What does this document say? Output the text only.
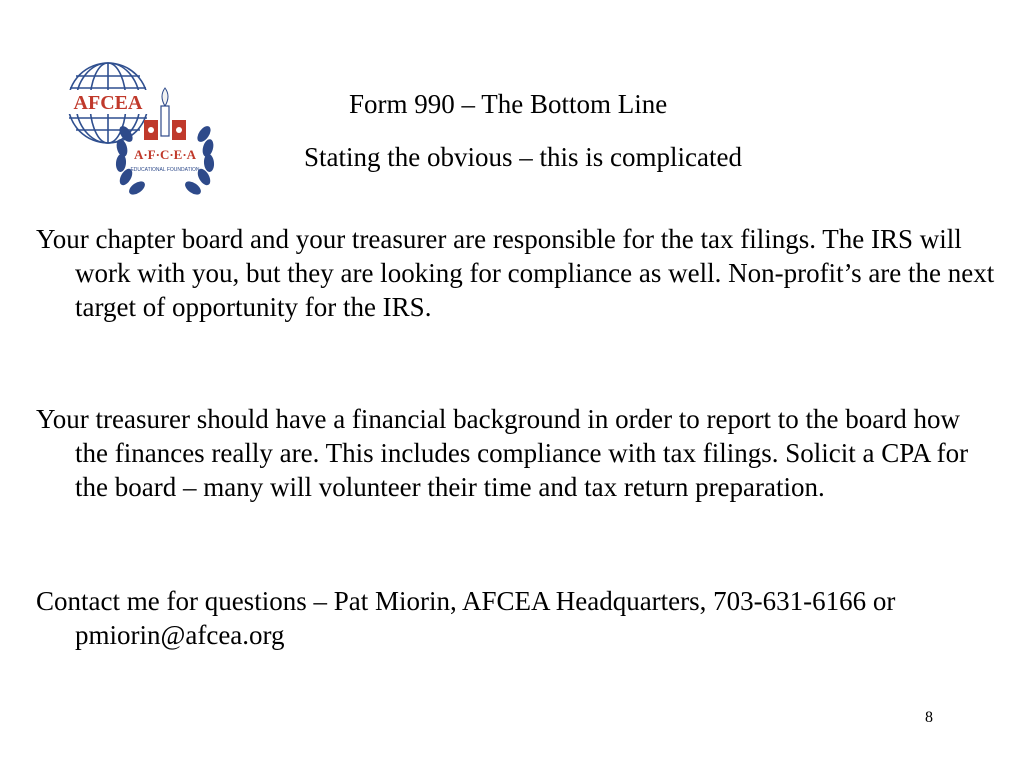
AFCEA
A·F·C·E·A
EDUCATIONAL FOUNDATION
Form 990 – The Bottom Line
Stating the obvious – this is complicated

Your chapter board and your treasurer are responsible for the tax filings. The IRS will work with you, but they are looking for compliance as well. Non-profit’s are the next target of opportunity for the IRS.

Your treasurer should have a financial background in order to report to the board how the finances really are. This includes compliance with tax filings. Solicit a CPA for the board – many will volunteer their time and tax return preparation.

Contact me for questions – Pat Miorin, AFCEA Headquarters, 703-631-6166 or pmiorin@afcea.org

8
